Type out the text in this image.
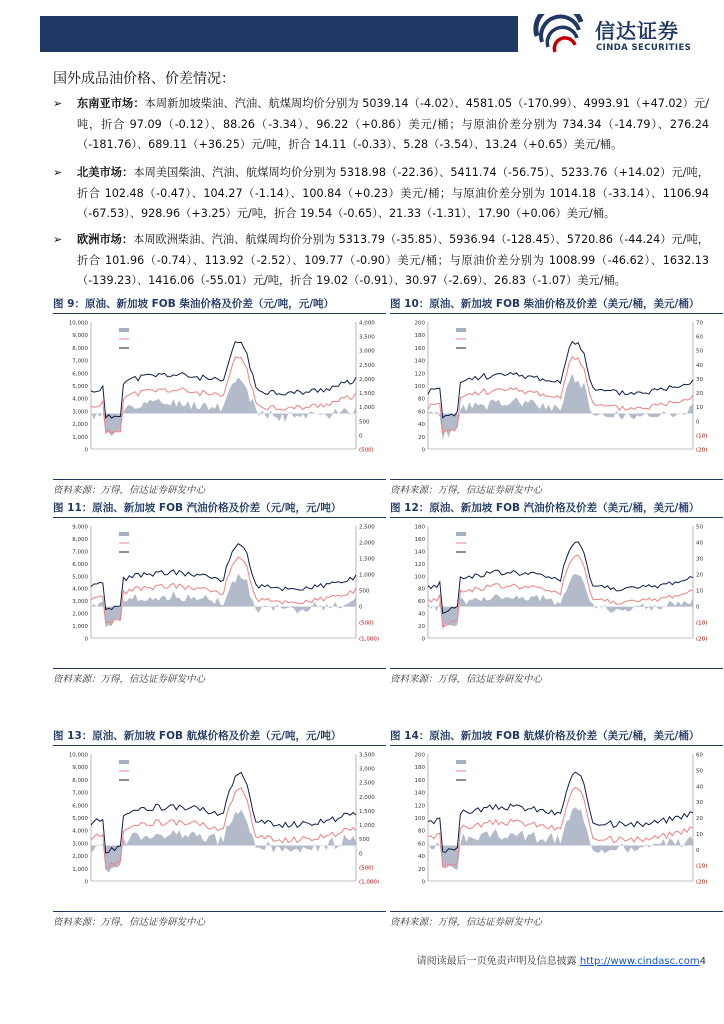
信达证券
CINDA SECURITIES
国外成品油价格、价差情况：
➢ 东南亚市场：本周新加坡柴油、汽油、航煤周均价分别为 5039.14（-4.02）、4581.05（-170.99）、4993.91（+47.02）元/吨，折合 97.09（-0.12）、88.26（-3.34）、96.22（+0.86）美元/桶；与原油价差分别为 734.34（-14.79）、276.24（-181.76）、689.11（+36.25）元/吨，折合 14.11（-0.33）、5.28（-3.54）、13.24（+0.65）美元/桶。
➢ 北美市场：本周美国柴油、汽油、航煤周均价分别为 5318.98（-22.36）、5411.74（-56.75）、5233.76（+14.02）元/吨，折合 102.48（-0.47）、104.27（-1.14）、100.84（+0.23）美元/桶；与原油价差分别为 1014.18（-33.14）、1106.94（-67.53）、928.96（+3.25）元/吨，折合 19.54（-0.65）、21.33（-1.31）、17.90（+0.06）美元/桶。
➢ 欧洲市场：本周欧洲柴油、汽油、航煤周均价分别为 5313.79（-35.85）、5936.94（-128.45）、5720.86（-44.24）元/吨，折合 101.96（-0.74）、113.92（-2.52）、109.77（-0.90）美元/桶；与原油价差分别为 1008.99（-46.62）、1632.13（-139.23）、1416.06（-55.01）元/吨，折合 19.02（-0.91）、30.97（-2.69）、26.83（-1.07）美元/桶。
图 9：原油、新加坡 FOB 柴油价格及价差（元/吨，元/吨）
10,000
9,000
8,000
7,000
6,000
5,000
4,000
3,000
2,000
1,000
0
4,000
3,500
3,000
2,500
2,000
1,500
1,000
500
0
(500)
资料来源：万得，信达证券研发中心
图 10：原油、新加坡 FOB 柴油价格及价差（美元/桶，美元/桶）
200
180
160
140
120
100
80
60
40
20
0
70
60
50
40
30
20
10
0
(10)
(20)
资料来源：万得，信达证券研发中心
图 11：原油、新加坡 FOB 汽油价格及价差（元/吨，元/吨）
9,000
8,000
7,000
6,000
5,000
4,000
3,000
2,000
1,000
0
2,500
2,000
1,500
1,000
500
0
(500)
(1,000)
资料来源：万得，信达证券研发中心
图 12：原油、新加坡 FOB 汽油价格及价差（美元/桶，美元/桶）
180
160
140
120
100
80
60
40
20
0
50
40
30
20
10
0
(10)
(20)
资料来源：万得，信达证券研发中心
图 13：原油、新加坡 FOB 航煤价格及价差（元/吨，元/吨）
10,000
9,000
8,000
7,000
6,000
5,000
4,000
3,000
2,000
1,000
0
3,500
3,000
2,500
2,000
1,500
1,000
500
0
(500)
(1,000)
资料来源：万得，信达证券研发中心
图 14：原油、新加坡 FOB 航煤价格及价差（美元/桶，美元/桶）
200
180
160
140
120
100
80
60
40
20
0
60
50
40
30
20
10
0
(10)
(20)
资料来源：万得，信达证券研发中心
请阅读最后一页免责声明及信息披露 http://www.cindasc.com4
